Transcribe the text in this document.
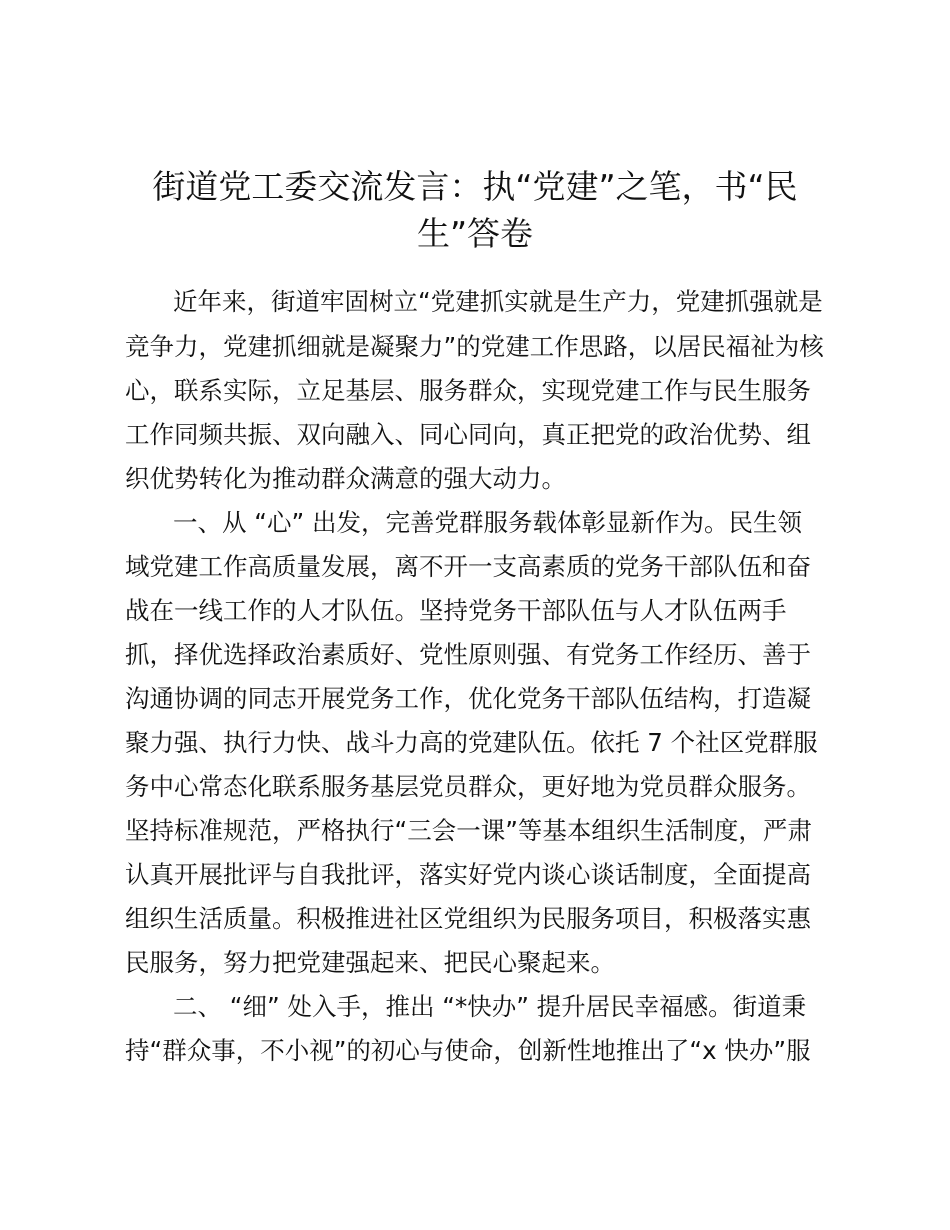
街道党工委交流发言：执“党建”之笔，书“民
生”答卷

近年来，街道牢固树立“党建抓实就是生产力，党建抓强就是

竞争力，党建抓细就是凝聚力”的党建工作思路，以居民福祉为核

心，联系实际，立足基层、服务群众，实现党建工作与民生服务

工作同频共振、双向融入、同心同向，真正把党的政治优势、组

织优势转化为推动群众满意的强大动力。

一、从 “心” 出发，完善党群服务载体彰显新作为。民生领

域党建工作高质量发展，离不开一支高素质的党务干部队伍和奋

战在一线工作的人才队伍。坚持党务干部队伍与人才队伍两手

抓，择优选择政治素质好、党性原则强、有党务工作经历、善于

沟通协调的同志开展党务工作，优化党务干部队伍结构，打造凝

聚力强、执行力快、战斗力高的党建队伍。依托 7 个社区党群服

务中心常态化联系服务基层党员群众，更好地为党员群众服务。

坚持标准规范，严格执行“三会一课”等基本组织生活制度，严肃

认真开展批评与自我批评，落实好党内谈心谈话制度，全面提高

组织生活质量。积极推进社区党组织为民服务项目，积极落实惠

民服务，努力把党建强起来、把民心聚起来。

二、 “细” 处入手，推出 “*快办” 提升居民幸福感。街道秉

持“群众事，不小视”的初心与使命，创新性地推出了“x 快办”服
